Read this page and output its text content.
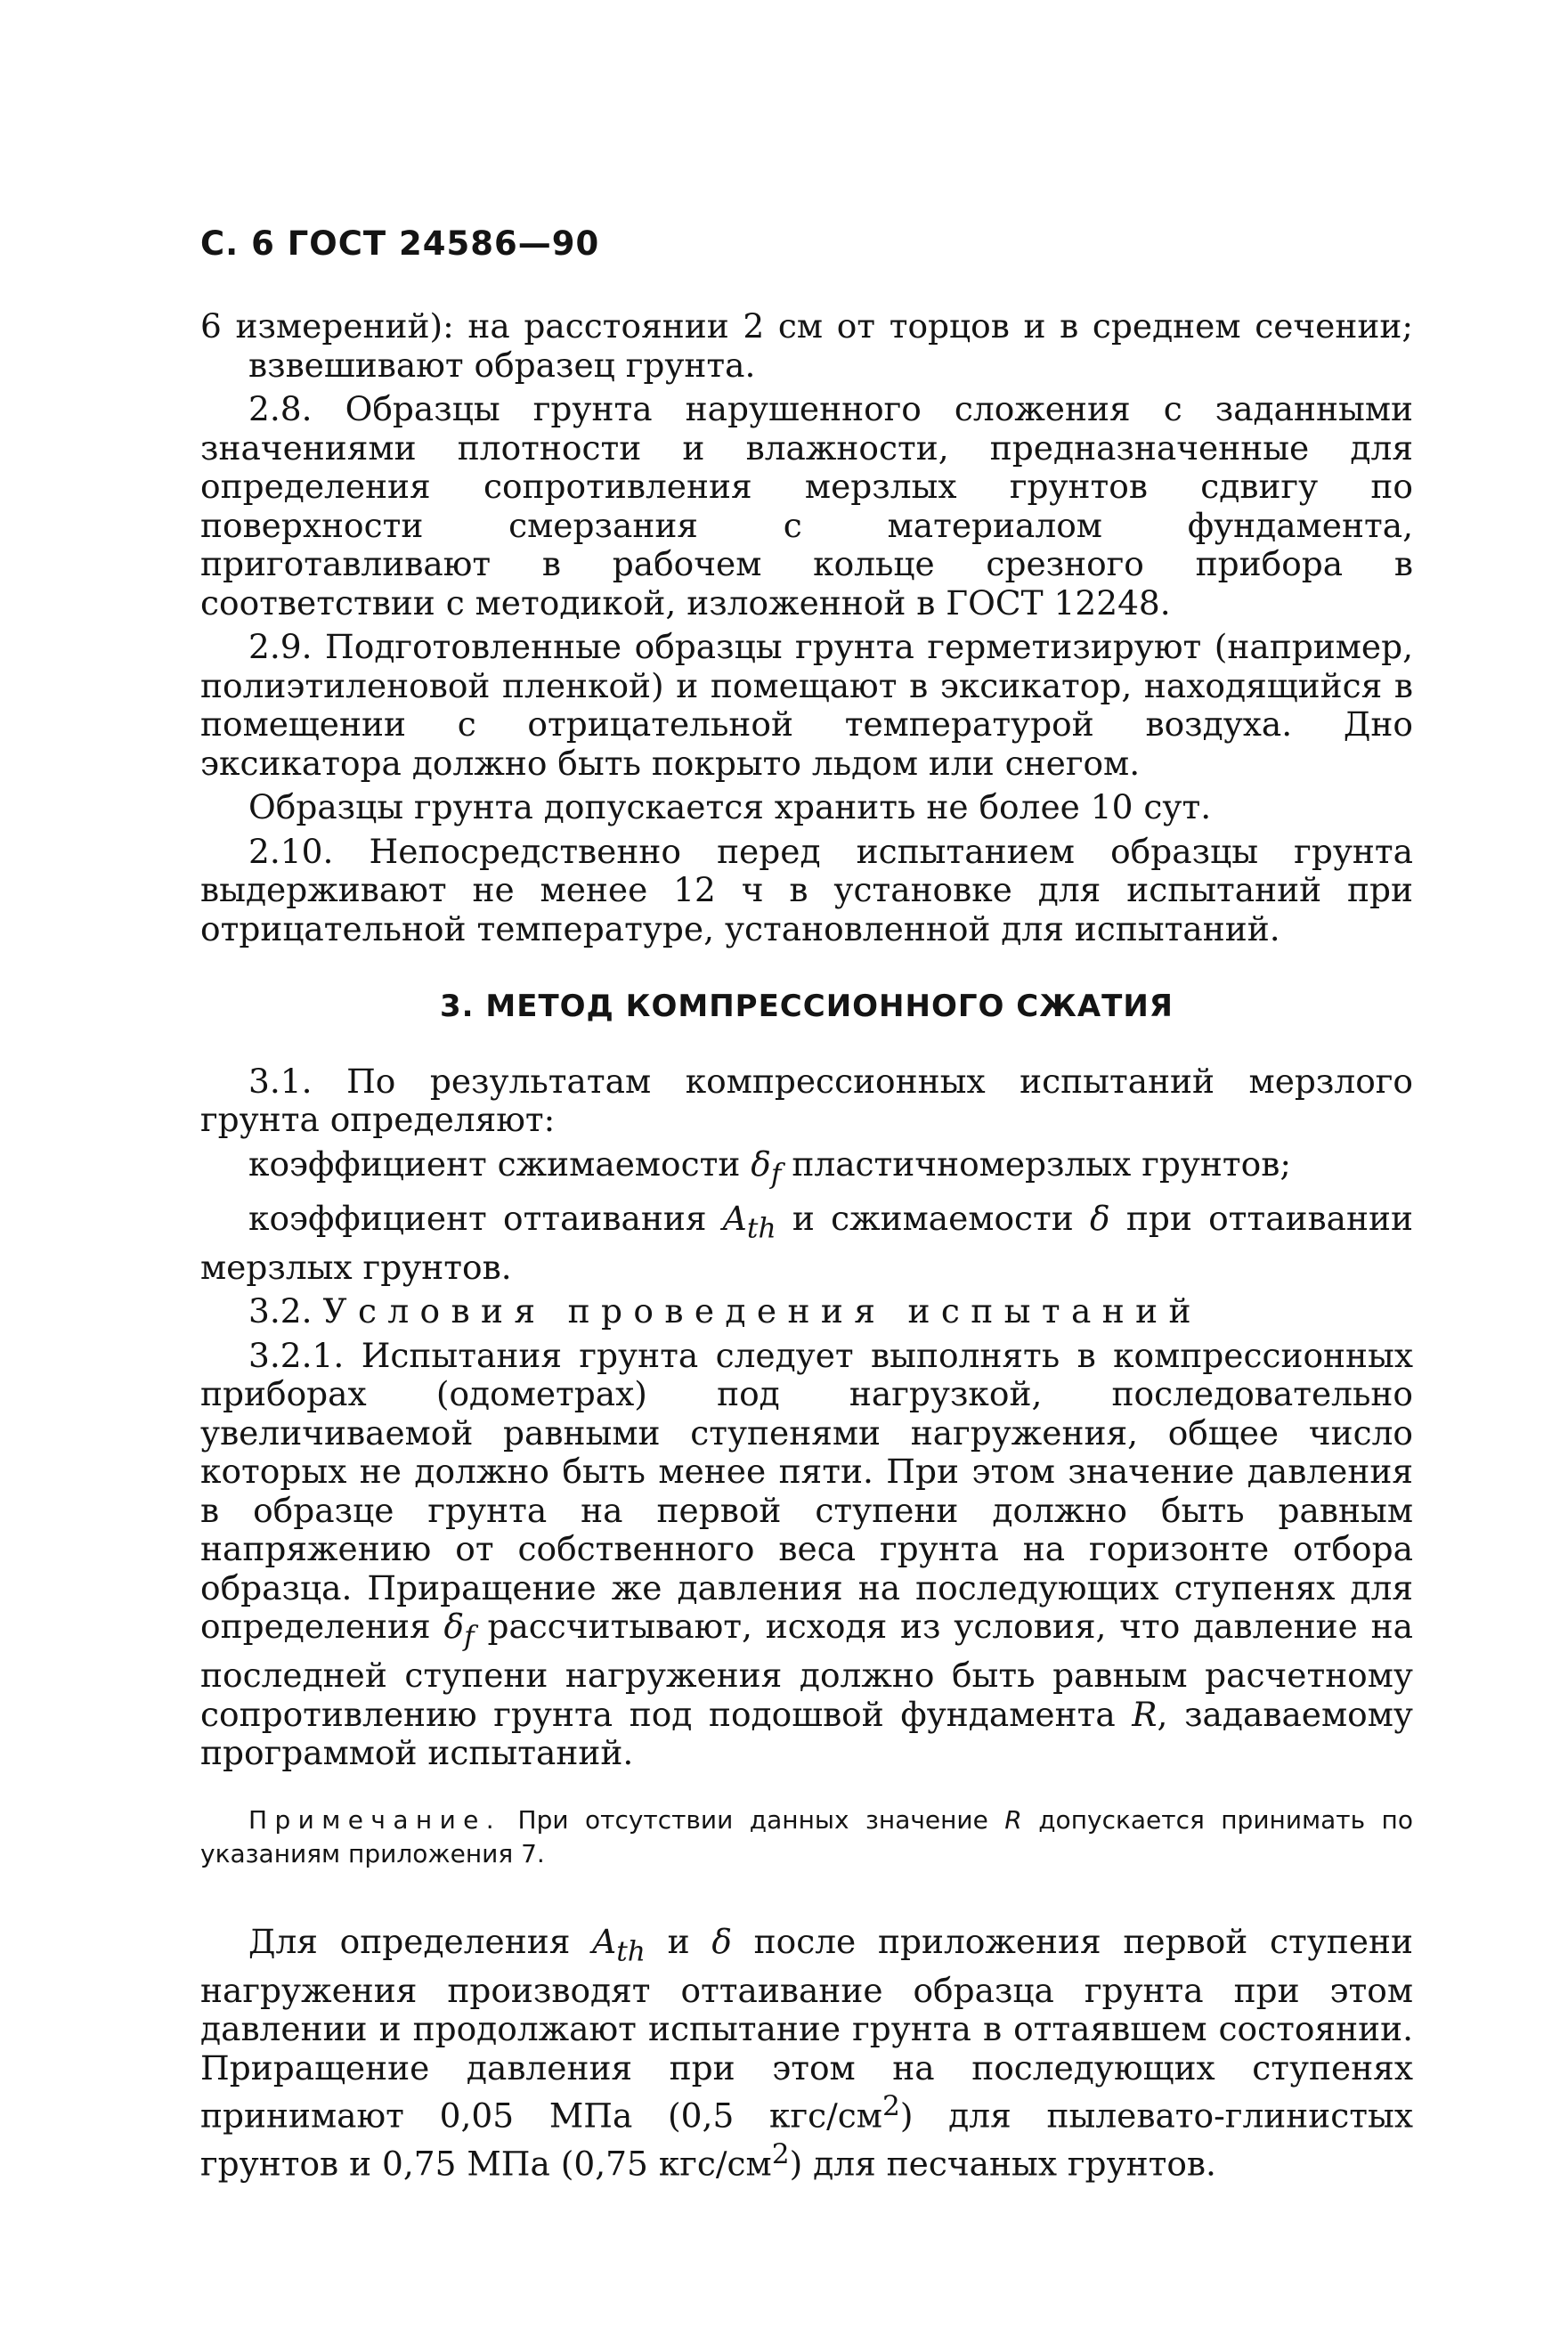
С. 6 ГОСТ 24586—90

6 измерений): на расстоянии 2 см от торцов и в среднем сечении; взвешивают образец грунта.

2.8. Образцы грунта нарушенного сложения с заданными значениями плотности и влажности, предназначенные для определения сопротивления мерзлых грунтов сдвигу по поверхности смерзания с материалом фундамента, приготавливают в рабочем кольце срезного прибора в соответствии с методикой, изложенной в ГОСТ 12248.

2.9. Подготовленные образцы грунта герметизируют (например, полиэтиленовой пленкой) и помещают в эксикатор, находящийся в помещении с отрицательной температурой воздуха. Дно эксикатора должно быть покрыто льдом или снегом.

Образцы грунта допускается хранить не более 10 сут.

2.10. Непосредственно перед испытанием образцы грунта выдерживают не менее 12 ч в установке для испытаний при отрицательной температуре, установленной для испытаний.

3. МЕТОД КОМПРЕССИОННОГО СЖАТИЯ

3.1. По результатам компрессионных испытаний мерзлого грунта определяют:

коэффициент сжимаемости $\delta_f$ пластичномерзлых грунтов;

коэффициент оттаивания $A_{th}$ и сжимаемости δ при оттаивании мерзлых грунтов.

3.2. Условия проведения испытаний

3.2.1. Испытания грунта следует выполнять в компрессионных приборах (одометрах) под нагрузкой, последовательно увеличиваемой равными ступенями нагружения, общее число которых не должно быть менее пяти. При этом значение давления в образце грунта на первой ступени должно быть равным напряжению от собственного веса грунта на горизонте отбора образца. Приращение же давления на последующих ступенях для определения $\delta_f$ рассчитывают, исходя из условия, что давление на последней ступени нагружения должно быть равным расчетному сопротивлению грунта под подошвой фундамента R, задаваемому программой испытаний.

Примечание. При отсутствии данных значение R допускается принимать по указаниям приложения 7.

Для определения $A_{th}$ и δ после приложения первой ступени нагружения производят оттаивание образца грунта при этом давлении и продолжают испытание грунта в оттаявшем состоянии. Приращение давления при этом на последующих ступенях принимают 0,05 МПа (0,5 кгс/$см^2$) для пылевато-глинистых грунтов и 0,75 МПа (0,75 кгс/$см^2$) для песчаных грунтов.
